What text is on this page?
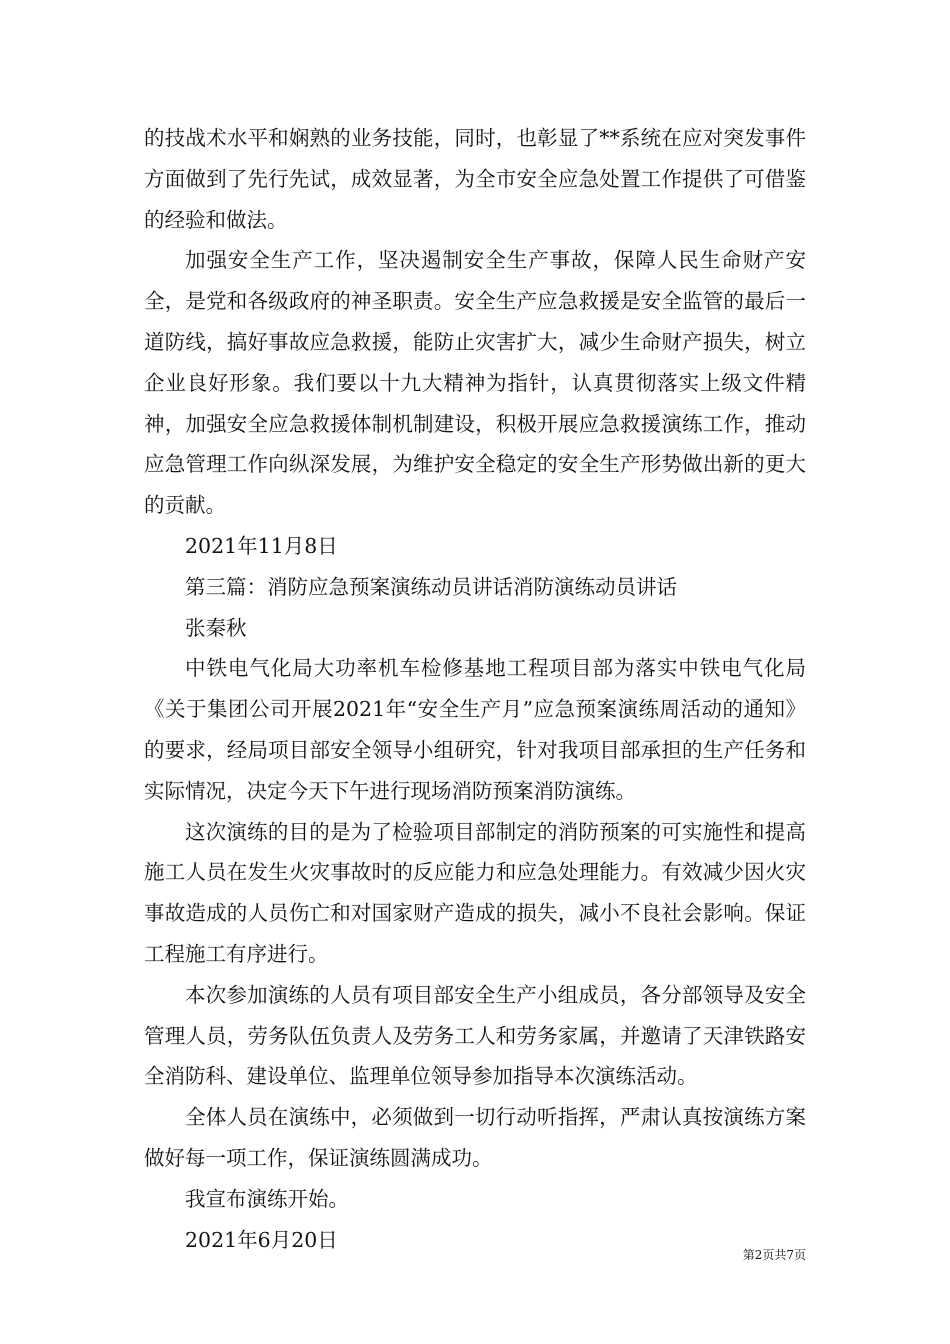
的技战术水平和娴熟的业务技能，同时，也彰显了**系统在应对突发事件方面做到了先行先试，成效显著，为全市安全应急处置工作提供了可借鉴的经验和做法。

加强安全生产工作，坚决遏制安全生产事故，保障人民生命财产安全，是党和各级政府的神圣职责。安全生产应急救援是安全监管的最后一道防线，搞好事故应急救援，能防止灾害扩大，减少生命财产损失，树立企业良好形象。我们要以十九大精神为指针，认真贯彻落实上级文件精神，加强安全应急救援体制机制建设，积极开展应急救援演练工作，推动应急管理工作向纵深发展，为维护安全稳定的安全生产形势做出新的更大的贡献。

2021年11月8日

第三篇：消防应急预案演练动员讲话消防演练动员讲话

张秦秋

中铁电气化局大功率机车检修基地工程项目部为落实中铁电气化局《关于集团公司开展2021年“安全生产月”应急预案演练周活动的通知》的要求，经局项目部安全领导小组研究，针对我项目部承担的生产任务和实际情况，决定今天下午进行现场消防预案消防演练。

这次演练的目的是为了检验项目部制定的消防预案的可实施性和提高施工人员在发生火灾事故时的反应能力和应急处理能力。有效减少因火灾事故造成的人员伤亡和对国家财产造成的损失，减小不良社会影响。保证工程施工有序进行。

本次参加演练的人员有项目部安全生产小组成员，各分部领导及安全管理人员，劳务队伍负责人及劳务工人和劳务家属，并邀请了天津铁路安全消防科、建设单位、监理单位领导参加指导本次演练活动。

全体人员在演练中，必须做到一切行动听指挥，严肃认真按演练方案做好每一项工作，保证演练圆满成功。

我宣布演练开始。

2021年6月20日

第2页共7页
